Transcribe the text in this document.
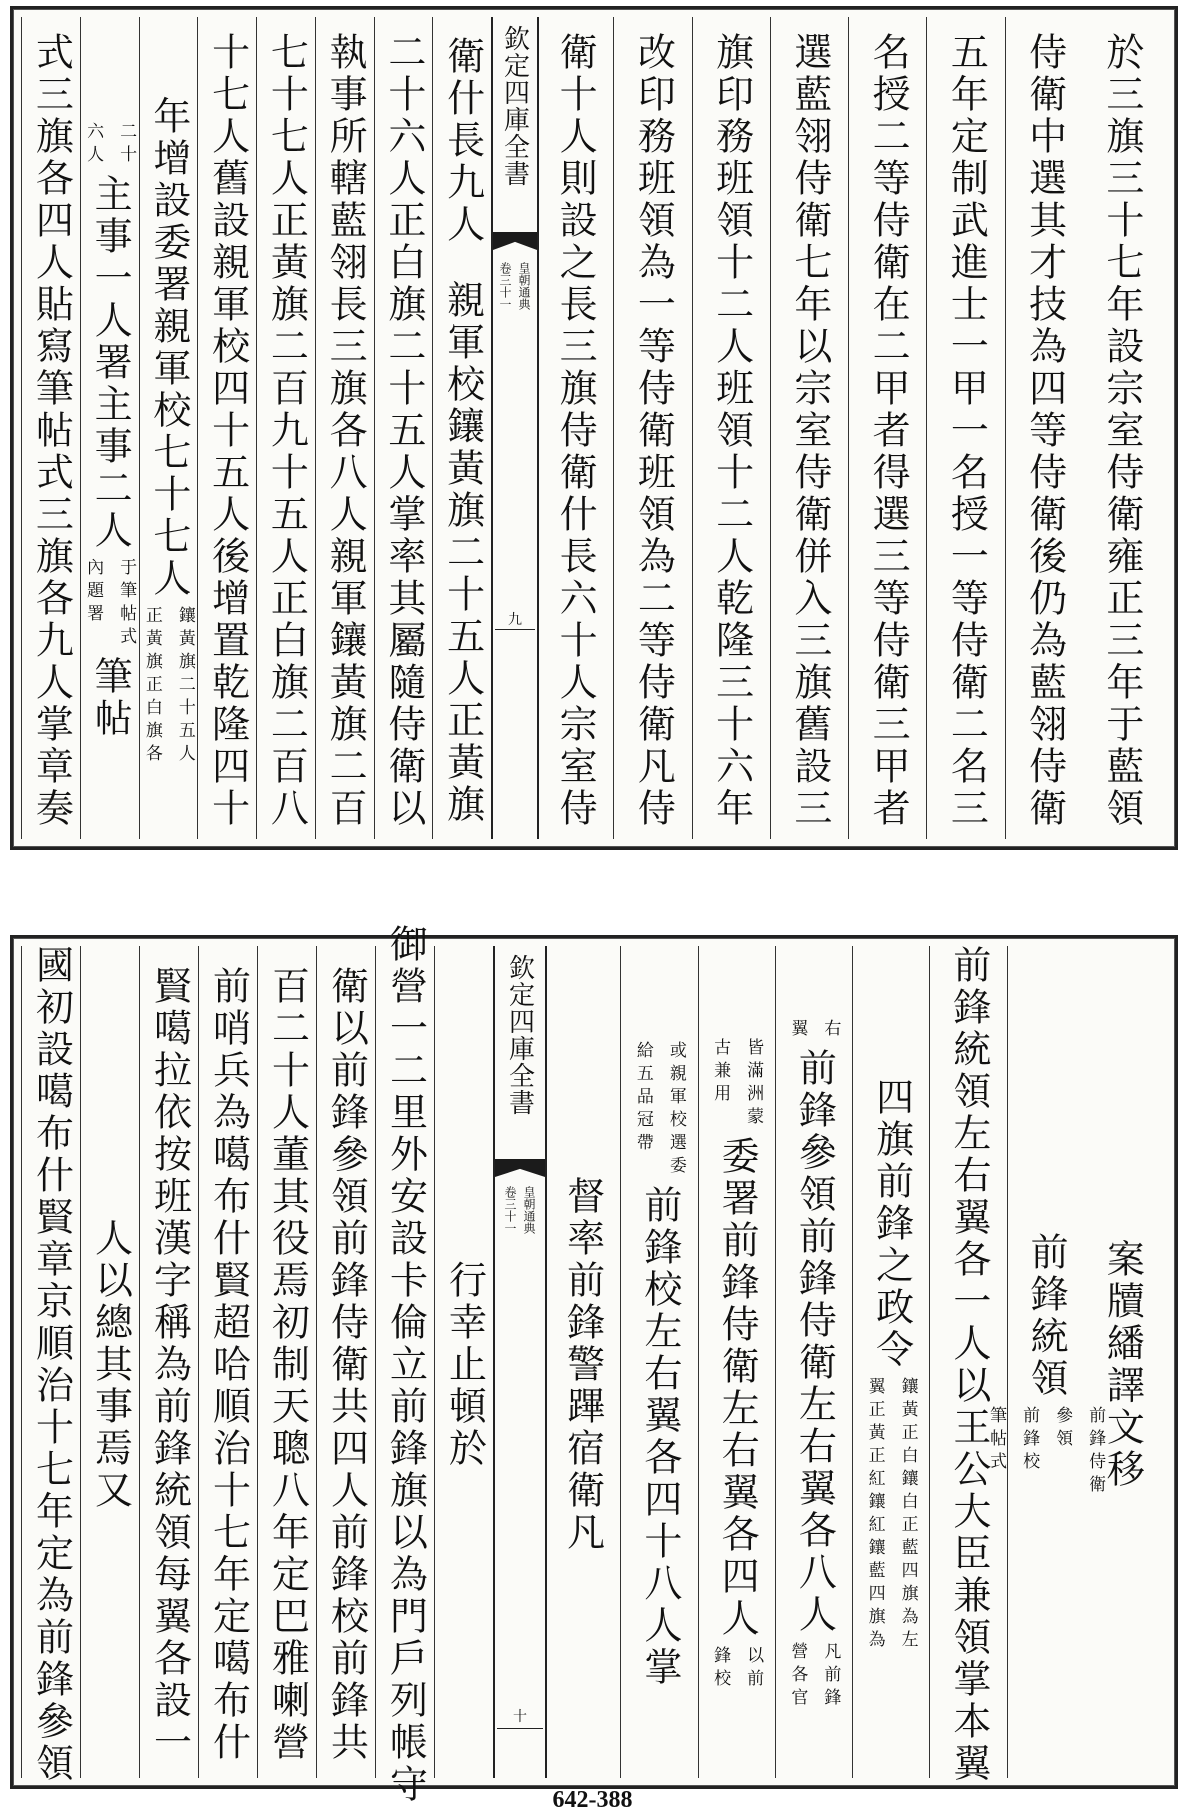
於三旗三十七年設宗室侍衛雍正三年于藍領
侍衛中選其才技為四等侍衛後仍為藍翎侍衛
五年定制武進士一甲一名授一等侍衛二名三
名授二等侍衛在二甲者得選三等侍衛三甲者
選藍翎侍衛七年以宗室侍衛併入三旗舊設三
旗印務班領十二人班領十二人乾隆三十六年
改印務班領為一等侍衛班領為二等侍衛凡侍
衛十人則設之長三旗侍衛什長六十人宗室侍
衛什長九人
親軍校鑲黃旗二十五人正黃旗
二十六人正白旗二十五人掌率其屬隨侍衛以
執事所轄藍翎長三旗各八人親軍鑲黃旗二百
七十七人正黃旗二百九十五人正白旗二百八
十七人舊設親軍校四十五人後增置乾隆四十
年增設委署親軍校七十七人
鑲黃旗二十五人
正黃旗正白旗各
二十
六人
主事一人署主事二人
于筆帖式
內題署
筆帖
式三旗各四人貼寫筆帖式三旗各九人掌章奏	欽定四庫全書
皇朝通典
卷三十一
九
案牘繙譯文移
前鋒統領
前鋒侍衛
參領
前鋒校
筆帖式
前鋒統領左右翼各一人以王公大臣兼領掌本翼
四旗前鋒之政令
鑲黃正白鑲白正藍四旗為左
翼正黃正紅鑲紅鑲藍四旗為
右
翼
前鋒參領前鋒侍衛左右翼各八人
凡前鋒
營各官
皆滿洲蒙
古兼用
委署前鋒侍衛左右翼各四人
以前
鋒校
或親軍校選委
給五品冠帶
前鋒校左右翼各四十八人掌
督率前鋒警蹕宿衛凡
行幸止頓於
御營一二里外安設卡倫立前鋒旗以為門戶列帳守
衛以前鋒參領前鋒侍衛共四人前鋒校前鋒共
百二十人董其役焉初制天聰八年定巴雅喇營
前哨兵為噶布什賢超哈順治十七年定噶布什
賢噶拉依按班漢字稱為前鋒統領每翼各設一
人以總其事焉又
國初設噶布什賢章京順治十七年定為前鋒參領	欽定四庫全書
皇朝通典
卷三十一
十
642-388
